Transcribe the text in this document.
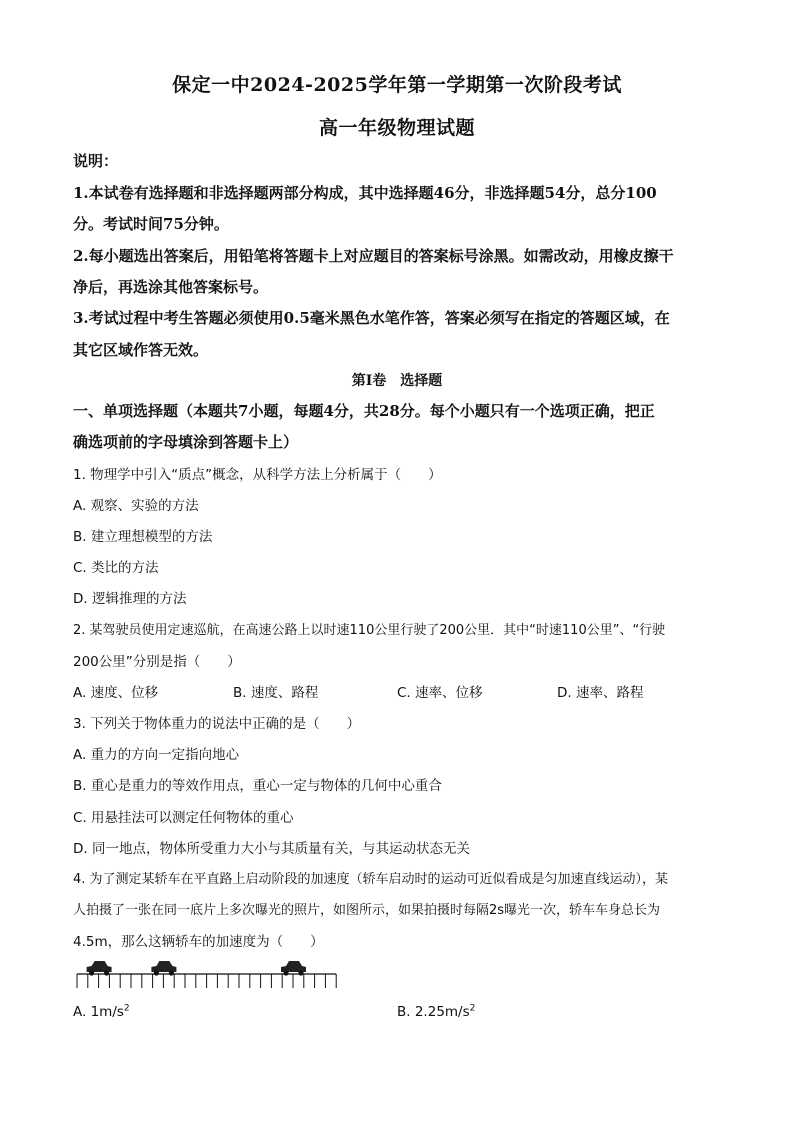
保定一中2024-2025学年第一学期第一次阶段考试
高一年级物理试题
说明：
1.本试卷有选择题和非选择题两部分构成，其中选择题46分，非选择题54分，总分100
分。考试时间75分钟。
2.每小题选出答案后，用铅笔将答题卡上对应题目的答案标号涂黑。如需改动，用橡皮擦干
净后，再选涂其他答案标号。
3.考试过程中考生答题必须使用0.5毫米黑色水笔作答，答案必须写在指定的答题区域，在
其它区域作答无效。
第Ⅰ卷　选择题
一、单项选择题（本题共7小题，每题4分，共28分。每个小题只有一个选项正确，把正
确选项前的字母填涂到答题卡上）
1. 物理学中引入“质点”概念，从科学方法上分析属于（　　）
A. 观察、实验的方法
B. 建立理想模型的方法
C. 类比的方法
D. 逻辑推理的方法
2. 某驾驶员使用定速巡航，在高速公路上以时速110公里行驶了200公里．其中“时速110公里”、“行驶
200公里”分别是指（　　）
A. 速度、位移	B. 速度、路程	C. 速率、位移	D. 速率、路程
3. 下列关于物体重力的说法中正确的是（　　）
A. 重力的方向一定指向地心
B. 重心是重力的等效作用点，重心一定与物体的几何中心重合
C. 用悬挂法可以测定任何物体的重心
D. 同一地点，物体所受重力大小与其质量有关，与其运动状态无关
4. 为了测定某轿车在平直路上启动阶段的加速度（轿车启动时的运动可近似看成是匀加速直线运动），某
人拍摄了一张在同一底片上多次曝光的照片，如图所示，如果拍摄时每隔2s曝光一次，轿车车身总长为
4.5m，那么这辆轿车的加速度为（　　）
A. $1m/s^2$	B. $2.25m/s^2$
